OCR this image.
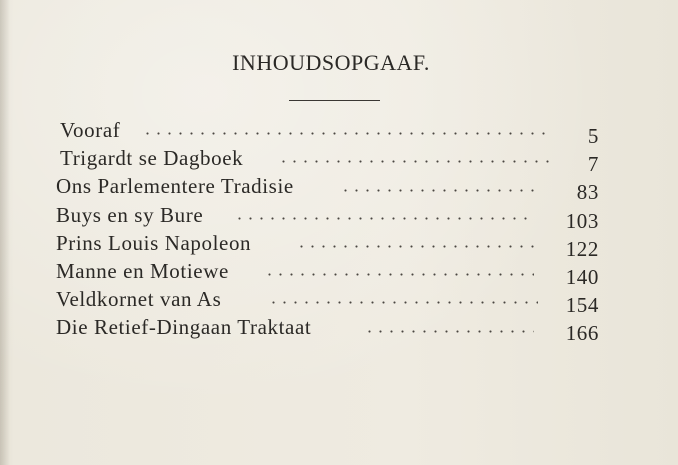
INHOUDSOPGAAF.
Vooraf	5
Trigardt se Dagboek	7
Ons Parlementere Tradisie	83
Buys en sy Bure	103
Prins Louis Napoleon	122
Manne en Motiewe	140
Veldkornet van As	154
Die Retief-Dingaan Traktaat	166
